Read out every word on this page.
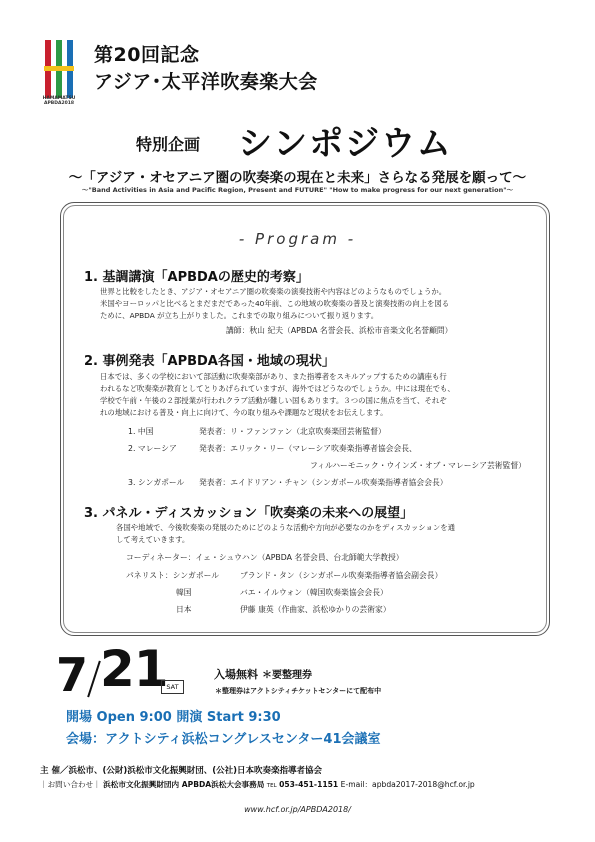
HAMAMATSU
APBDA2018
第20回記念
アジア･太平洋吹奏楽大会
特別企画 シンポジウム
〜「アジア・オセアニア圏の吹奏楽の現在と未来」さらなる発展を願って〜
〜"Band Activities in Asia and Pacific Region, Present and FUTURE" "How to make progress for our next generation"〜
- Program -
1. 基調講演「APBDAの歴史的考察」
世界と比較をしたとき、アジア・オセアニア圏の吹奏楽の演奏技術や内容はどのようなものでしょうか。
米国やヨーロッパと比べるとまだまだであった40年前、この地域の吹奏楽の普及と演奏技術の向上を図る
ために、APBDA が立ち上がりました。これまでの取り組みについて振り返ります。
講師：秋山 紀夫（APBDA 名誉会長、浜松市音楽文化名誉顧問）
2. 事例発表「APBDA各国・地域の現状」
日本では、多くの学校において部活動に吹奏楽部があり、また指導者をスキルアップするための講座も行
われるなど吹奏楽が教育としてとりあげられていますが、海外ではどうなのでしょうか。中には現在でも、
学校で午前・午後の２部授業が行われクラブ活動が難しい国もあります。３つの国に焦点を当て、それぞ
れの地域における普及・向上に向けて、今の取り組みや課題など現状をお伝えします。
1. 中国	発表者：リ・ファンファン（北京吹奏楽団芸術監督）
2. マレーシア	発表者：エリック・リー（マレーシア吹奏楽指導者協会会長、
フィルハーモニック・ウインズ・オブ・マレーシア芸術監督）
3. シンガポール 発表者：エイドリアン・チャン（シンガポール吹奏楽指導者協会会長）
3. パネル・ディスカッション「吹奏楽の未来への展望」
各国や地域で、今後吹奏楽の発展のためにどのような活動や方向が必要なのかをディスカッションを通
して考えていきます。
コーディネーター：イェ・シュウハン（APBDA 名誉会員、台北師範大学教授）
パネリスト：シンガポール	ブランド・タン（シンガポール吹奏楽指導者協会副会長）
韓国	バエ・イルウォン（韓国吹奏楽協会会長）
日本	伊藤 康英（作曲家、浜松ゆかりの芸術家）
7 21
SAT
入場無料 ＊要整理券
＊整理券はアクトシティチケットセンターにて配布中
開場 Open 9:00 開演 Start 9:30
会場：アクトシティ浜松コングレスセンター41会議室
主 催／浜松市、(公財)浜松市文化振興財団、(公社)日本吹奏楽指導者協会
｜お問い合わせ｜ 浜松市文化振興財団内 APBDA浜松大会事務局 TEL 053-451-1151 E-mail：apbda2017-2018@hcf.or.jp
www.hcf.or.jp/APBDA2018/
